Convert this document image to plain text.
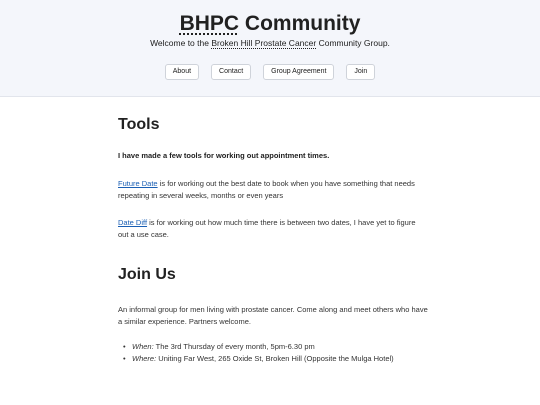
BHPC Community

Welcome to the Broken Hill Prostate Cancer Community Group.

About	Contact	Group Agreement	Join
Tools

I have made a few tools for working out appointment times.

Future Date is for working out the best date to book when you have something that needs repeating in several weeks, months or even years

Date Diff is for working out how much time there is between two dates, I have yet to figure out a use case.

Join Us

An informal group for men living with prostate cancer. Come along and meet others who have a similar experience. Partners welcome.

• When: The 3rd Thursday of every month, 5pm-6.30 pm
• Where: Uniting Far West, 265 Oxide St, Broken Hill (Opposite the Mulga Hotel)
